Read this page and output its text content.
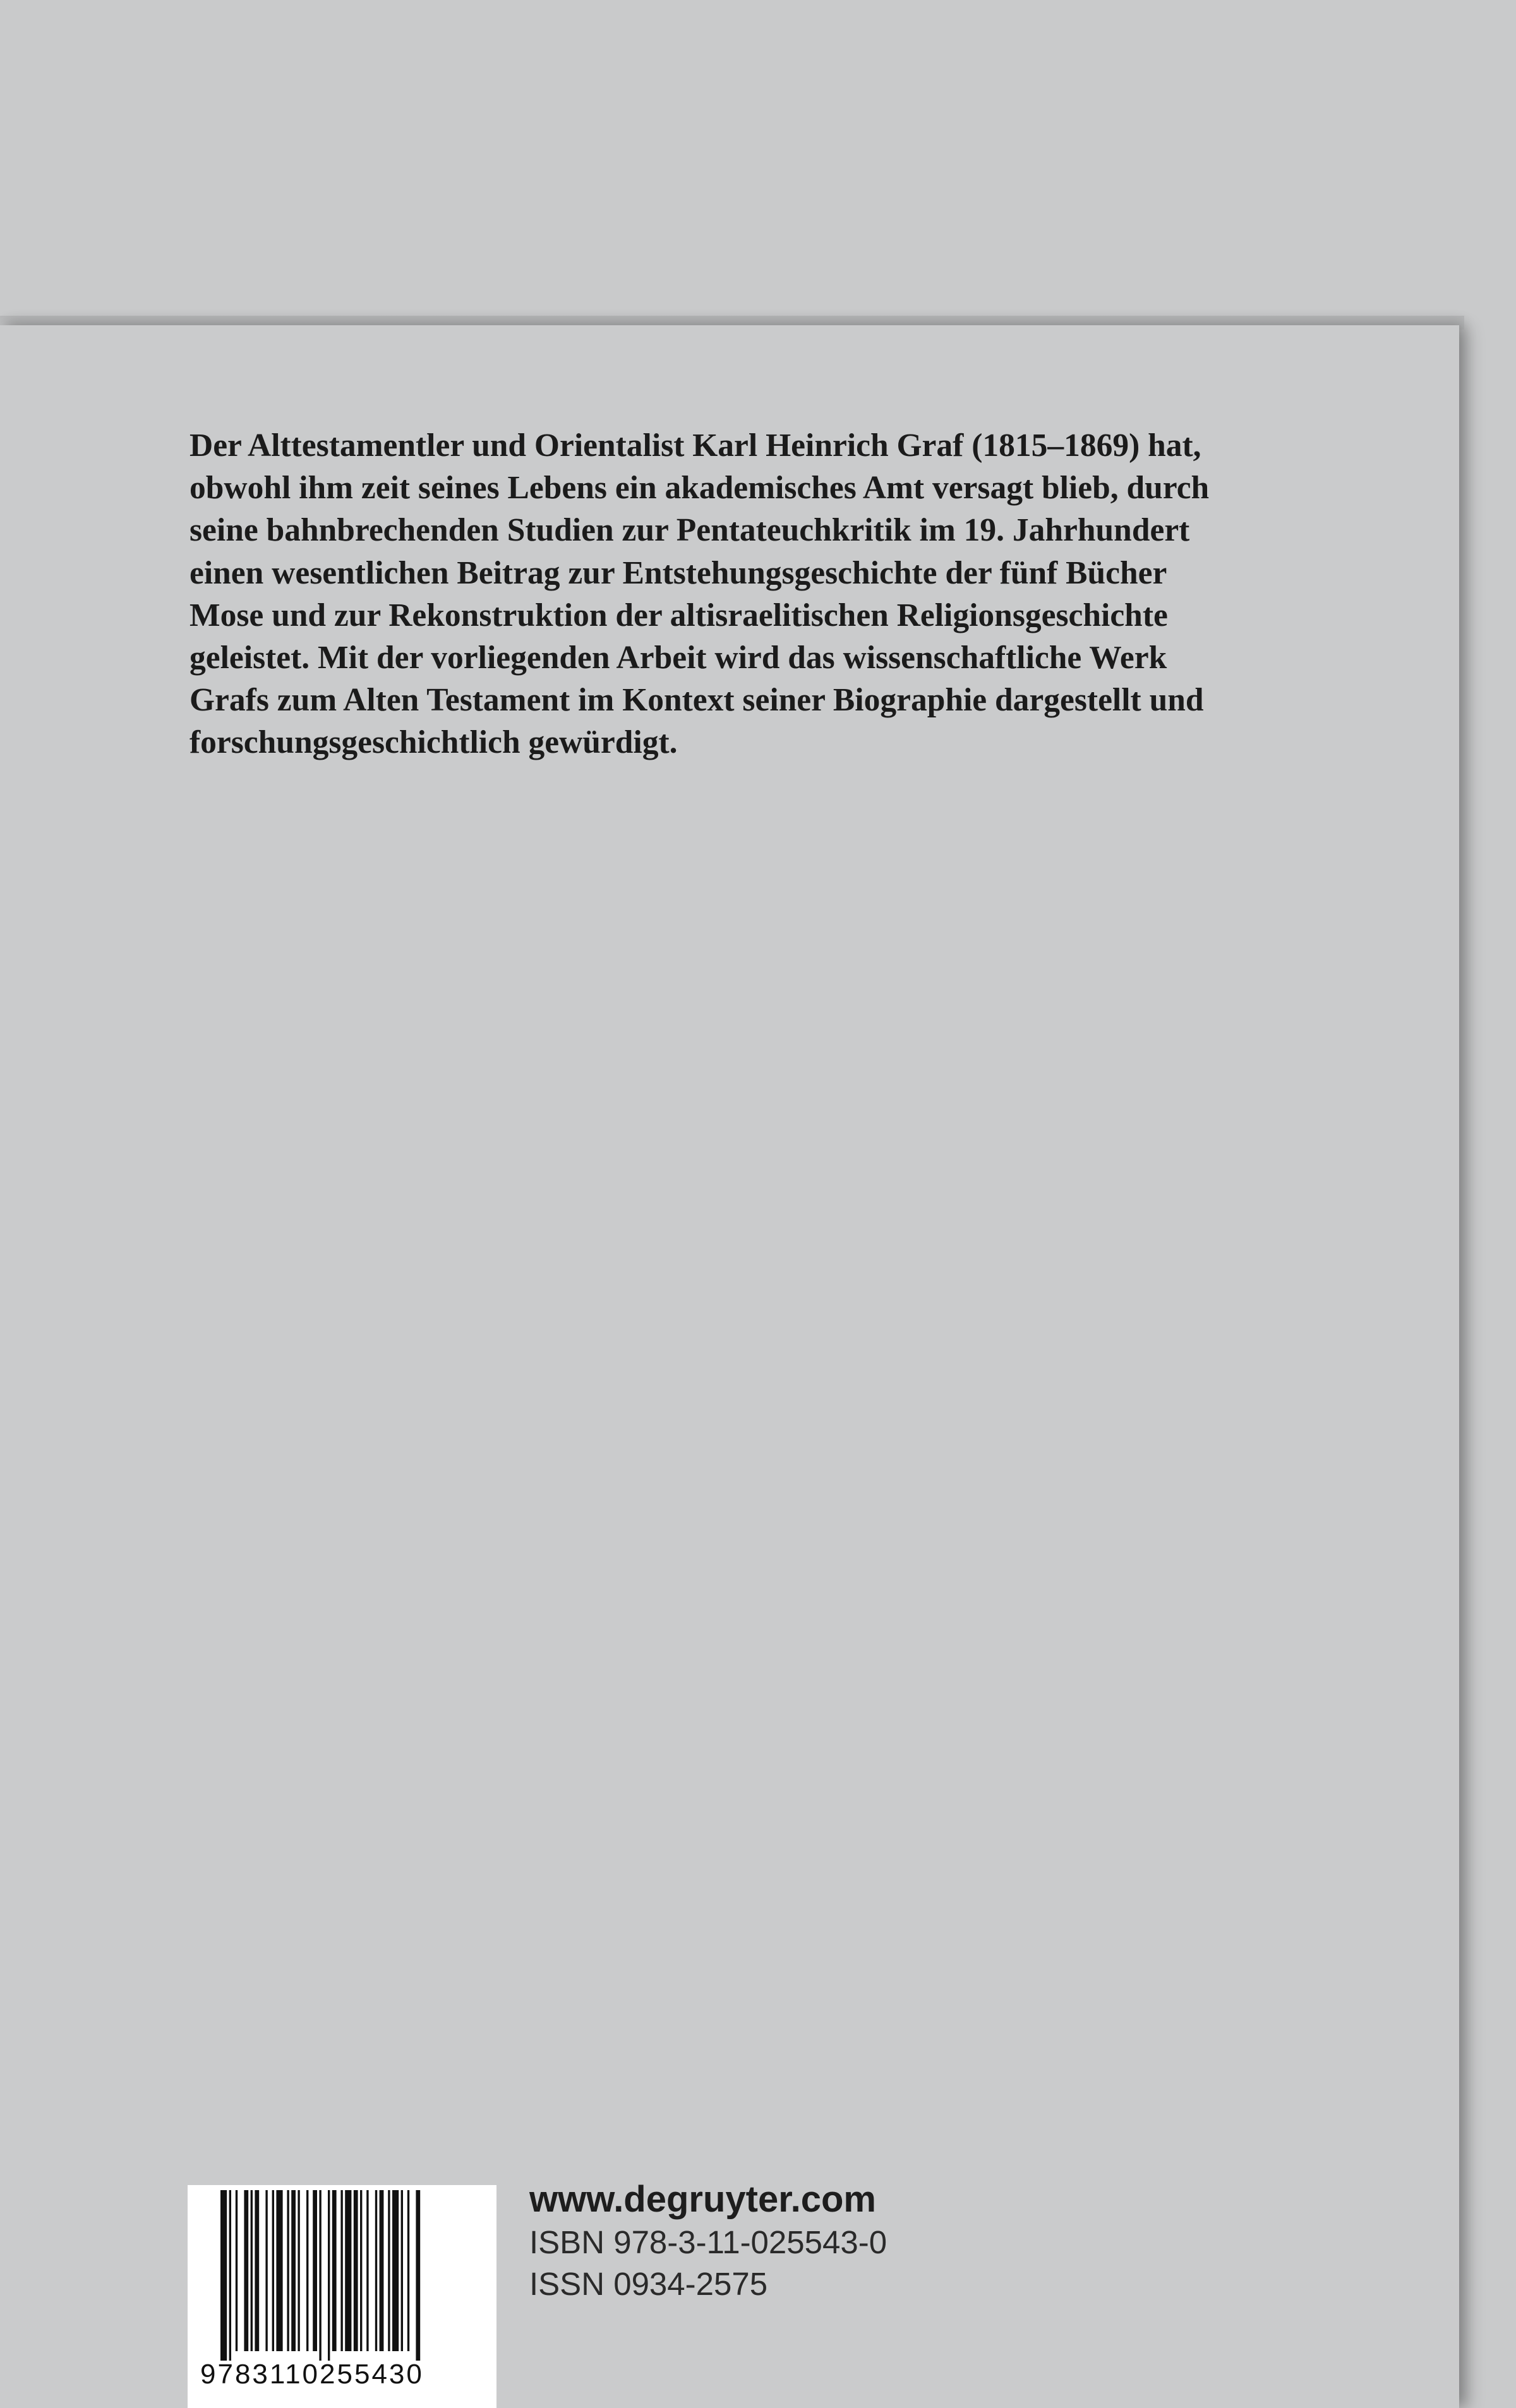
Der Alttestamentler und Orientalist Karl Heinrich Graf (1815–1869) hat,
obwohl ihm zeit seines Lebens ein akademisches Amt versagt blieb, durch
seine bahnbrechenden Studien zur Pentateuchkritik im 19. Jahrhundert
einen wesentlichen Beitrag zur Entstehungsgeschichte der fünf Bücher
Mose und zur Rekonstruktion der altisraelitischen Religionsgeschichte
geleistet. Mit der vorliegenden Arbeit wird das wissenschaftliche Werk
Grafs zum Alten Testament im Kontext seiner Biographie dargestellt und
forschungsgeschichtlich gewürdigt.

9783110255430
www.degruyter.com
ISBN 978-3-11-025543-0
ISSN 0934-2575
